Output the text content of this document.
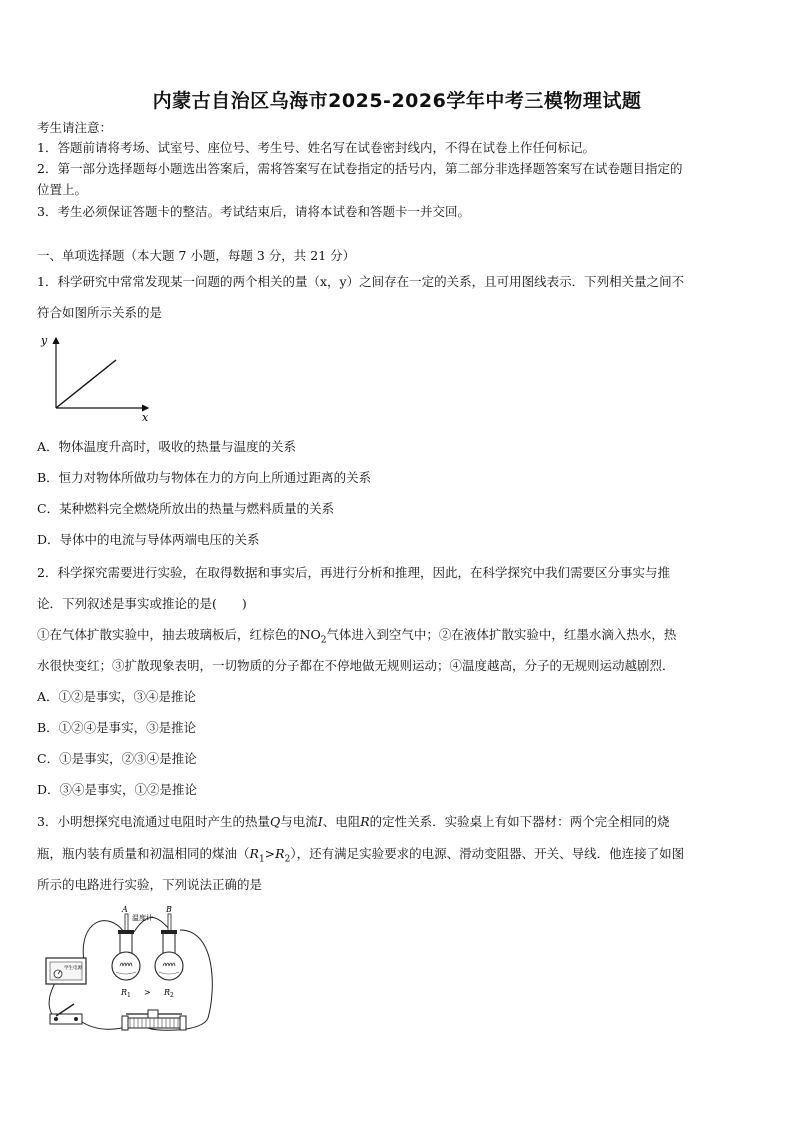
内蒙古自治区乌海市2025-2026学年中考三模物理试题
考生请注意：
1．答题前请将考场、试室号、座位号、考生号、姓名写在试卷密封线内，不得在试卷上作任何标记。
2．第一部分选择题每小题选出答案后，需将答案写在试卷指定的括号内，第二部分非选择题答案写在试卷题目指定的
位置上。
3．考生必须保证答题卡的整洁。考试结束后，请将本试卷和答题卡一并交回。
一、单项选择题（本大题 7 小题，每题 3 分，共 21 分）
1．科学研究中常常发现某一问题的两个相关的量（x，y）之间存在一定的关系，且可用图线表示．下列相关量之间不
符合如图所示关系的是
y
x
A．物体温度升高时，吸收的热量与温度的关系
B．恒力对物体所做功与物体在力的方向上所通过距离的关系
C．某种燃料完全燃烧所放出的热量与燃料质量的关系
D．导体中的电流与导体两端电压的关系
2．科学探究需要进行实验，在取得数据和事实后，再进行分析和推理，因此，在科学探究中我们需要区分事实与推
论．下列叙述是事实或推论的是(　　)
①在气体扩散实验中，抽去玻璃板后，红棕色的$NO_2$气体进入到空气中；②在液体扩散实验中，红墨水滴入热水，热
水很快变红；③扩散现象表明，一切物质的分子都在不停地做无规则运动；④温度越高，分子的无规则运动越剧烈．
A．①②是事实，③④是推论
B．①②④是事实，③是推论
C．①是事实，②③④是推论
D．③④是事实，①②是推论
3．小明想探究电流通过电阻时产生的热量Q与电流I、电阻R的定性关系．实验桌上有如下器材：两个完全相同的烧
瓶，瓶内装有质量和初温相同的煤油$(R_1>R_2)$，还有满足实验要求的电源、滑动变阻器、开关、导线．他连接了如图
所示的电路进行实验，下列说法正确的是
学生电源
A	B
温度计
$R_1 > R_2$
